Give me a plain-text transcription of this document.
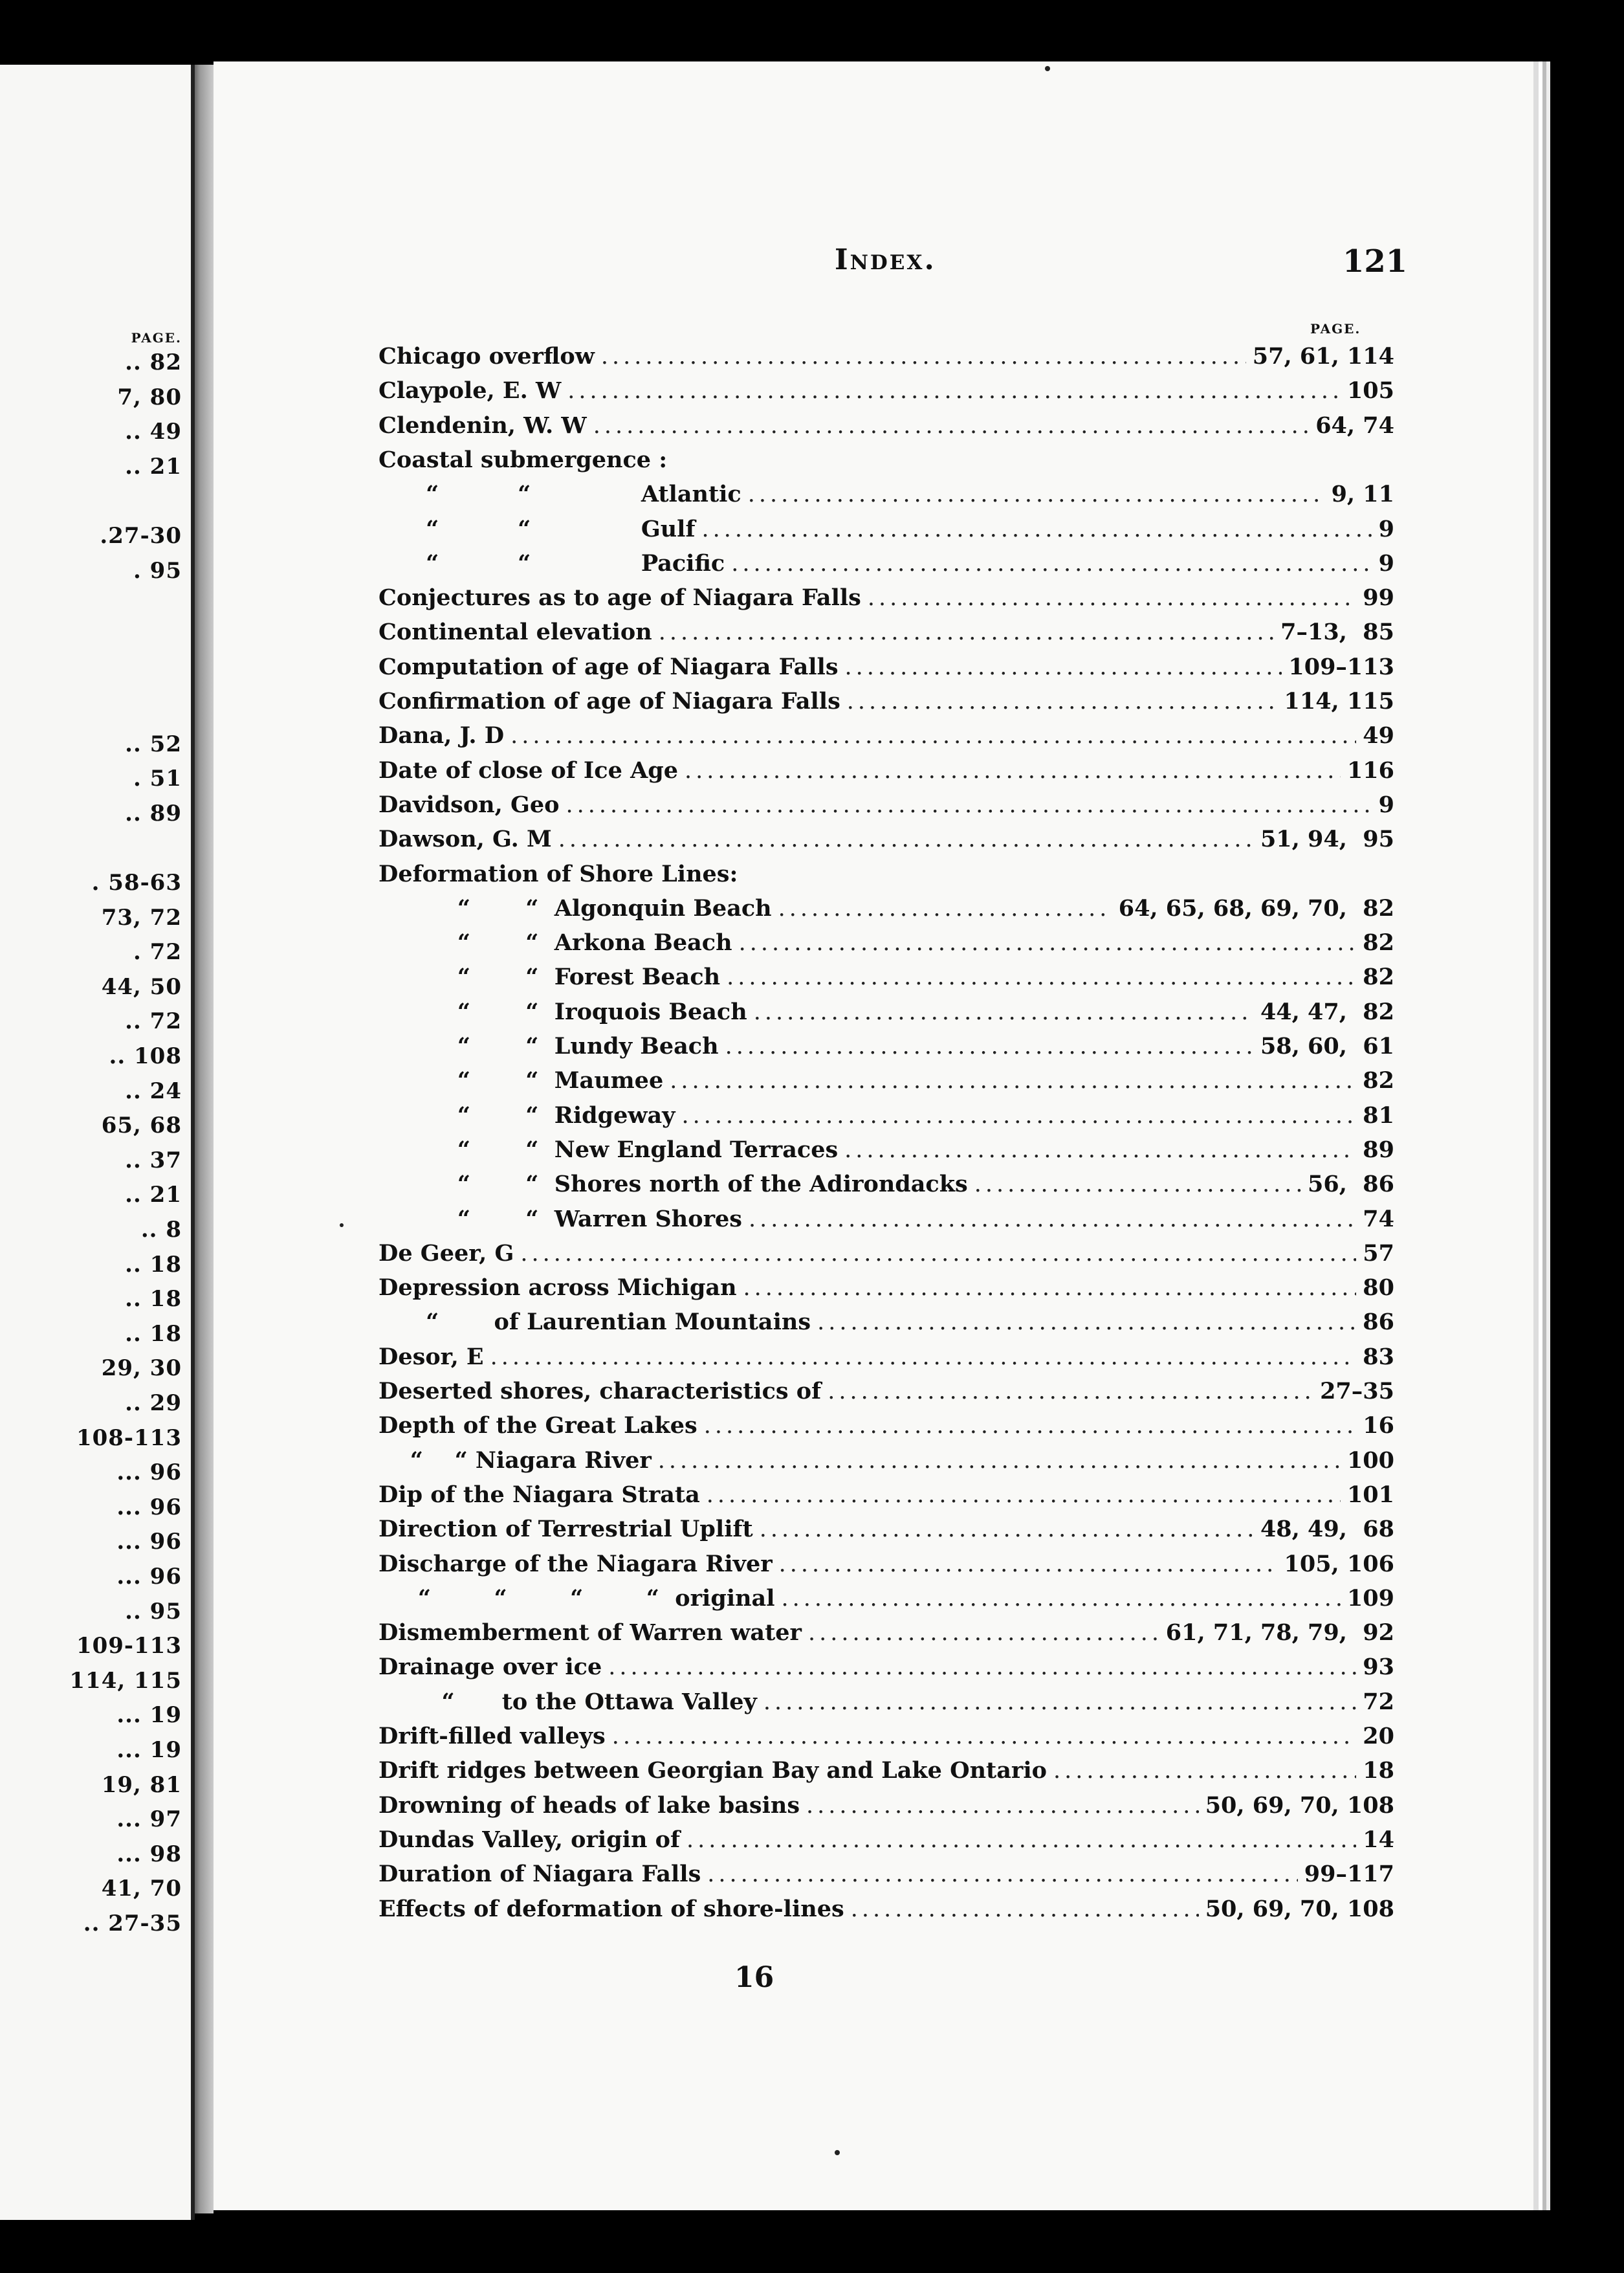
PAGE.
.. 82
7, 80
.. 49
.. 21
.27-30
. 95
.. 52
. 51
.. 89
. 58-63
73, 72
. 72
44, 50
.. 72
.. 108
.. 24
65, 68
.. 37
.. 21
.. 8
.. 18
.. 18
.. 18
29, 30
.. 29
108-113
... 96
... 96
... 96
... 96
.. 95
109-113
114, 115
... 19
... 19
19, 81
... 97
... 98
41, 70
.. 27-35
Index.	121
PAGE.
Chicago overflow .....	57, 61, 114
Claypole, E. W .....	105
Clendenin, W. W .....	64, 74
Coastal submergence :
“          “              Atlantic .....	9, 11
“          “              Gulf .....	9
“          “              Pacific .....	9
Conjectures as to age of Niagara Falls .....	99
Continental elevation .....	7–13,  85
Computation of age of Niagara Falls .....	109–113
Confirmation of age of Niagara Falls .....	114, 115
Dana, J. D .....	49
Date of close of Ice Age .....	116
Davidson, Geo .....	9
Dawson, G. M .....	51, 94,  95
Deformation of Shore Lines:
“       “  Algonquin Beach .....	64, 65, 68, 69, 70,  82
“       “  Arkona Beach .....	82
“       “  Forest Beach .....	82
“       “  Iroquois Beach .....	44, 47,  82
“       “  Lundy Beach .....	58, 60,  61
“       “  Maumee .....	82
“       “  Ridgeway .....	81
“       “  New England Terraces .....	89
“       “  Shores north of the Adirondacks .....	56,  86
“       “  Warren Shores .....	74
De Geer, G .....	57
Depression across Michigan .....	80
“       of Laurentian Mountains .....	86
Desor, E .....	83
Deserted shores, characteristics of .....	27–35
Depth of the Great Lakes .....	16
“    “ Niagara River .....	100
Dip of the Niagara Strata .....	101
Direction of Terrestrial Uplift .....	48, 49,  68
Discharge of the Niagara River .....	105, 106
“        “        “        “  original .....	109
Dismemberment of Warren water .....	61, 71, 78, 79,  92
Drainage over ice .....	93
“      to the Ottawa Valley .....	72
Drift-filled valleys .....	20
Drift ridges between Georgian Bay and Lake Ontario .....	18
Drowning of heads of lake basins .....	50, 69, 70, 108
Dundas Valley, origin of .....	14
Duration of Niagara Falls .....	99–117
Effects of deformation of shore-lines .....	50, 69, 70, 108
16
